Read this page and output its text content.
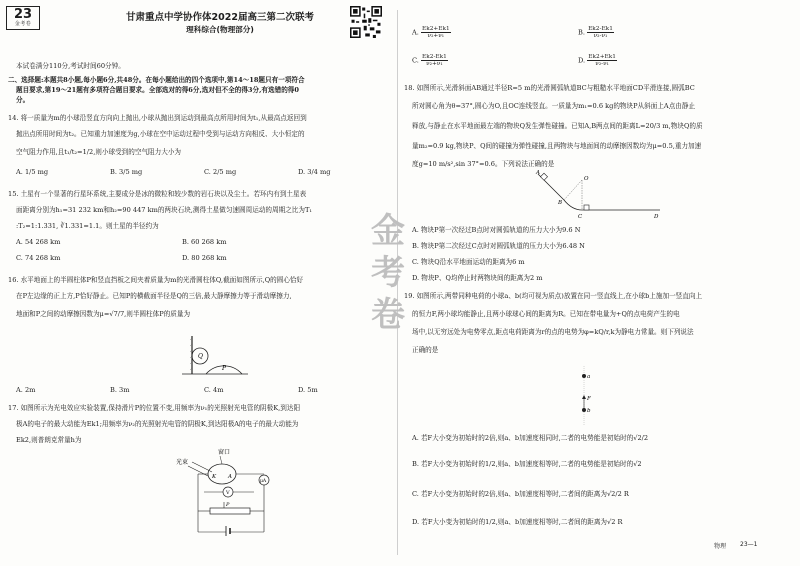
23
金考卷
甘肃重点中学协作体2022届高三第二次联考
理科综合(物理部分)
本试卷满分110分,考试时间60分钟。
二、选择题:本题共8小题,每小题6分,共48分。在每小题给出的四个选项中,第14～18题只有一项符合
题目要求,第19～21题有多项符合题目要求。全部选对的得6分,选对但不全的得3分,有选错的得0
分。
14. 将一质量为m的小球沿竖直方向向上抛出,小球从抛出到运动到最高点所用时间为t₁,从最高点返回到
抛出点所用时间为t₂。已知重力加速度为g,小球在空中运动过程中受到与运动方向相反、大小恒定的
空气阻力作用,且t₁/t₂=1/2,则小球受到的空气阻力大小为
A. 1/5 mg	B. 3/5 mg	C. 2/5 mg	D. 3/4 mg
15. 土星有一个显著的行星环系统,主要成分是冰的微粒和较少数的岩石块以及尘土。若环内有到土星表
面距离分别为h₁=31 232 km和h₂=90 447 km的两块石块,测得土星做匀速圆周运动的周期之比为T₁
:T₂=1:1.331, ∛1.331=1.1。则土星的半径约为
A. 54 268 km	B. 60 268 km
C. 74 268 km	D. 80 268 km
16. 水平地面上的半圆柱体P和竖直挡板之间夹着质量为m的光滑圆柱体Q,截面如图所示,Q的圆心恰好
在P左边缘的正上方,P恰好静止。已知P的横截面半径是Q的三倍,最大静摩擦力等于滑动摩擦力,
地面和P之间的动摩擦因数为μ=√7/7,则半圆柱体P的质量为
Q
P
A. 2m	B. 3m	C. 4m	D. 5m
17. 如图所示为光电效应实验装置,保持滑片P的位置不变,用频率为ν₁的光照射光电管的阴极K,到达阳
极A的电子的最大动能为Ek1;用频率为ν₂的光照射光电管的阴极K,到达阳极A的电子的最大动能为
Ek2,则普朗克常量h为
光束
窗口
K A
μA
V
P
金考卷
A. $\frac{Ek2+Ek1}{\text{ν₂+ν₁}}$	B. $\frac{Ek2-Ek1}{\text{ν₂-ν₁}}$
C. $\frac{Ek2-Ek1}{\text{ν₂+ν₁}}$	D. $\frac{Ek2+Ek1}{\text{ν₂-ν₁}}$
18. 如图所示,光滑斜面AB通过半径R=5 m的光滑圆弧轨道BC与粗糙水平地面CD平滑连接,圆弧BC
所对圆心角为θ=37°,圆心为O,且OC连线竖直。一质量为m₁=0.6 kg的物块P从斜面上A点由静止
释放,与静止在水平地面最左端的物块Q发生弹性碰撞。已知A,B两点间的距离L=20/3 m,物块Q的质
量m₂=0.9 kg,物块P、Q间的碰撞为弹性碰撞,且两物块与地面间的动摩擦因数均为μ=0.5,重力加速
度g=10 m/s²,sin 37°=0.6。下列说法正确的是
A
B
C	D
O
A. 物块P第一次经过B点时对圆弧轨道的压力大小为9.6 N
B. 物块P第二次经过C点时对圆弧轨道的压力大小为6.48 N
C. 物块Q沿水平地面运动的距离为6 m
D. 物块P、Q均停止时两物块间的距离为2 m
19. 如图所示,两带同种电荷的小球a、b(均可视为质点)放置在同一竖直线上,在小球b上施加一竖直向上
的恒力F,两小球均能静止,且两小球球心间的距离为R。已知在带电量为+Q的点电荷产生的电
场中,以无穷远处为电势零点,距点电荷距离为r的点的电势为φ=kQ/r,k为静电力常量。则下列说法
正确的是
a
b
F
A. 若F大小变为初始时的2倍,则a、b加速度相同时,二者的电势能是初始时的√2/2
B. 若F大小变为初始时的1/2,则a、b加速度相等时,二者的电势能是初始时的√2
C. 若F大小变为初始时的2倍,则a、b加速度相等时,二者间的距离为√2/2 R
D. 若F大小变为初始时的1/2,则a、b加速度相等时,二者间的距离为√2 R
物理 23—1
